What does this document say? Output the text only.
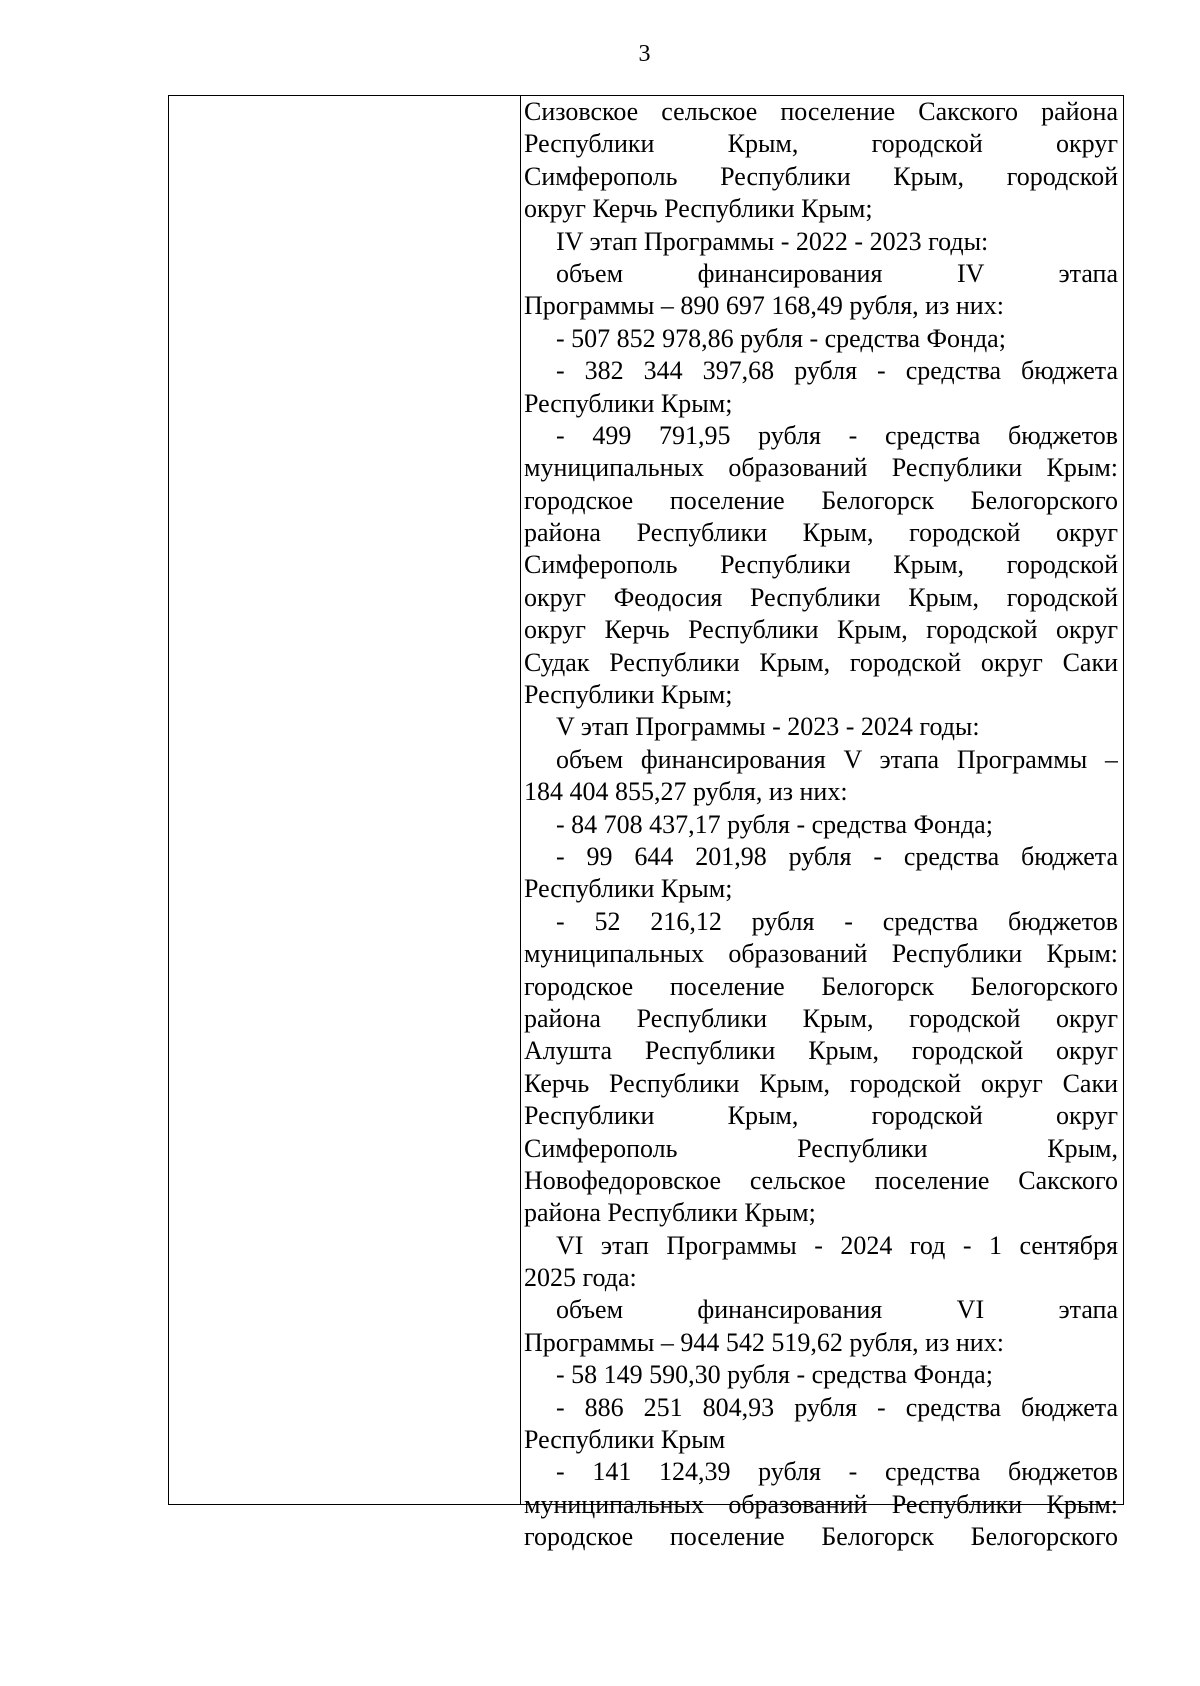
3
Сизовское сельское поселение Сакского района
Республики Крым, городской округ
Симферополь Республики Крым, городской
округ Керчь Республики Крым;
IV этап Программы - 2022 - 2023 годы:
объем финансирования IV этапа
Программы – 890 697 168,49 рубля, из них:
- 507 852 978,86 рубля - средства Фонда;
- 382 344 397,68 рубля - средства бюджета
Республики Крым;
- 499 791,95 рубля - средства бюджетов
муниципальных образований Республики Крым:
городское поселение Белогорск Белогорского
района Республики Крым, городской округ
Симферополь Республики Крым, городской
округ Феодосия Республики Крым, городской
округ Керчь Республики Крым, городской округ
Судак Республики Крым, городской округ Саки
Республики Крым;
V этап Программы - 2023 - 2024 годы:
объем финансирования V этапа Программы –
184 404 855,27 рубля, из них:
- 84 708 437,17 рубля - средства Фонда;
- 99 644 201,98 рубля - средства бюджета
Республики Крым;
- 52 216,12 рубля - средства бюджетов
муниципальных образований Республики Крым:
городское поселение Белогорск Белогорского
района Республики Крым, городской округ
Алушта Республики Крым, городской округ
Керчь Республики Крым, городской округ Саки
Республики Крым, городской округ
Симферополь Республики Крым,
Новофедоровское сельское поселение Сакского
района Республики Крым;
VI этап Программы - 2024 год - 1 сентября
2025 года:
объем финансирования VI этапа
Программы – 944 542 519,62 рубля, из них:
- 58 149 590,30 рубля - средства Фонда;
- 886 251 804,93 рубля - средства бюджета
Республики Крым
- 141 124,39 рубля - средства бюджетов
муниципальных образований Республики Крым:
городское поселение Белогорск Белогорского
